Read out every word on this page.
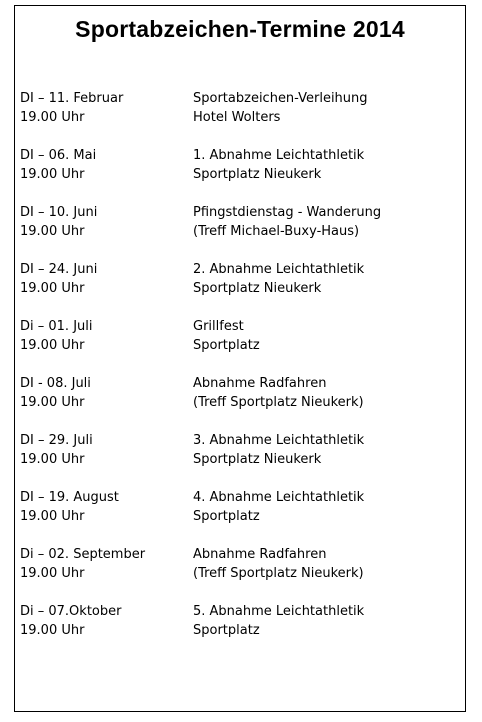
Sportabzeichen-Termine 2014
DI – 11. Februar
19.00 Uhr
Sportabzeichen-Verleihung
Hotel Wolters
DI – 06. Mai
19.00 Uhr
1. Abnahme Leichtathletik
Sportplatz Nieukerk
DI – 10. Juni
19.00 Uhr
Pfingstdienstag - Wanderung
(Treff Michael-Buxy-Haus)
DI – 24. Juni
19.00 Uhr
2. Abnahme Leichtathletik
Sportplatz Nieukerk
Di – 01. Juli
19.00 Uhr
Grillfest
Sportplatz
DI - 08. Juli
19.00 Uhr
Abnahme Radfahren
(Treff Sportplatz Nieukerk)
DI – 29. Juli
19.00 Uhr
3. Abnahme Leichtathletik
Sportplatz Nieukerk
DI – 19. August
19.00 Uhr
4. Abnahme Leichtathletik
Sportplatz
Di – 02. September
19.00 Uhr
Abnahme Radfahren
(Treff Sportplatz Nieukerk)
Di – 07.Oktober
19.00 Uhr
5. Abnahme Leichtathletik
Sportplatz
